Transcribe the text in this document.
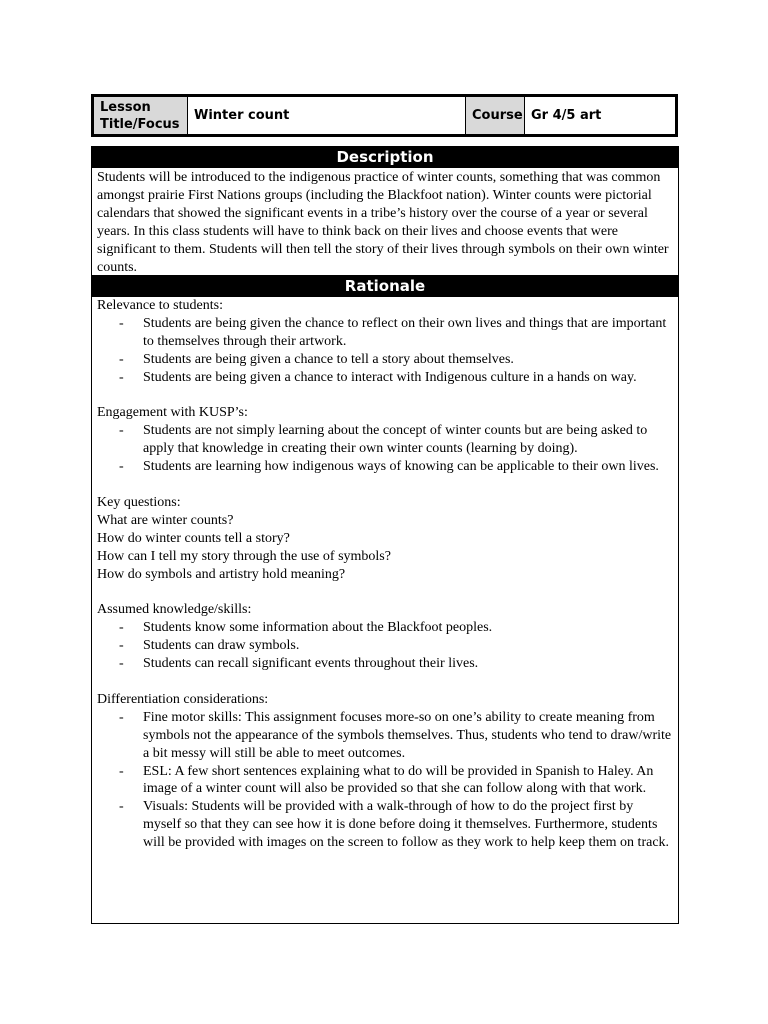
Lesson Title/Focus
Winter count	Course Gr 4/5 art
Description
Students will be introduced to the indigenous practice of winter counts, something that was common amongst prairie First Nations groups (including the Blackfoot nation). Winter counts were pictorial calendars that showed the significant events in a tribe’s history over the course of a year or several years. In this class students will have to think back on their lives and choose events that were significant to them. Students will then tell the story of their lives through symbols on their own winter counts.
Rationale

Relevance to students:

- Students are being given the chance to reflect on their own lives and things that are important to themselves through their artwork.
- Students are being given a chance to tell a story about themselves.
- Students are being given a chance to interact with Indigenous culture in a hands on way.

Engagement with KUSP’s:

- Students are not simply learning about the concept of winter counts but are being asked to apply that knowledge in creating their own winter counts (learning by doing).
- Students are learning how indigenous ways of knowing can be applicable to their own lives.

Key questions:

What are winter counts?

How do winter counts tell a story?

How can I tell my story through the use of symbols?

How do symbols and artistry hold meaning?

Assumed knowledge/skills:

- Students know some information about the Blackfoot peoples.
- Students can draw symbols.
- Students can recall significant events throughout their lives.

Differentiation considerations:

- Fine motor skills: This assignment focuses more-so on one’s ability to create meaning from symbols not the appearance of the symbols themselves. Thus, students who tend to draw/write a bit messy will still be able to meet outcomes.
- ESL: A few short sentences explaining what to do will be provided in Spanish to Haley. An image of a winter count will also be provided so that she can follow along with that work.
- Visuals: Students will be provided with a walk-through of how to do the project first by myself so that they can see how it is done before doing it themselves. Furthermore, students will be provided with images on the screen to follow as they work to help keep them on track.
